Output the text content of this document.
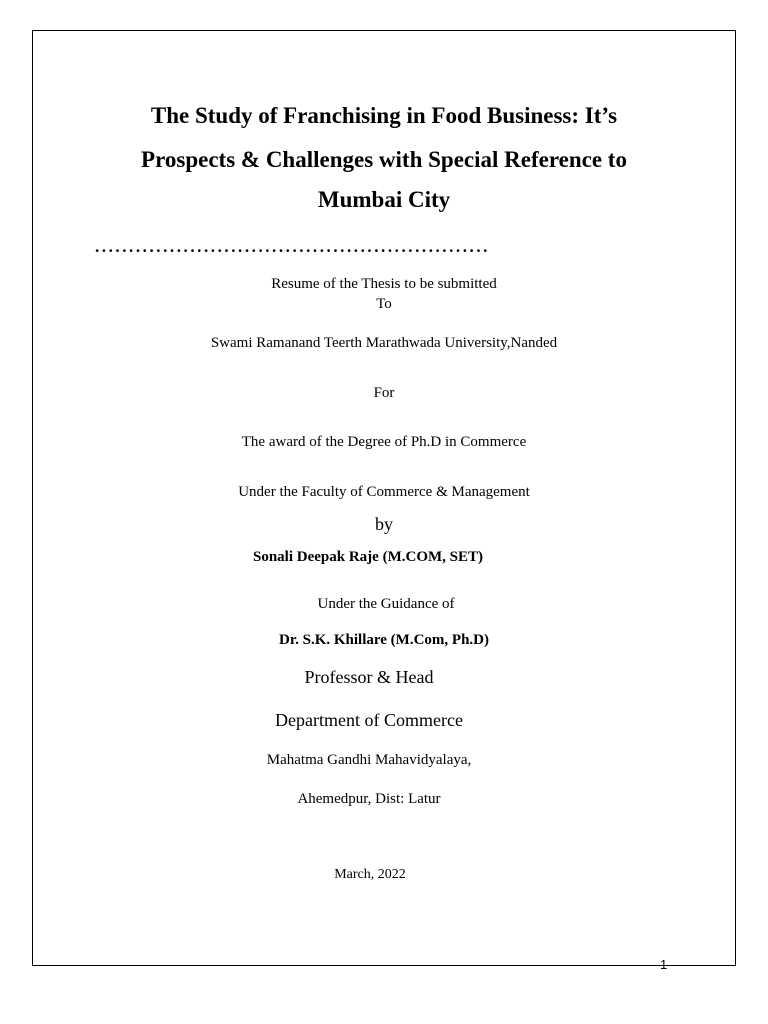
The Study of Franchising in Food Business: It’s
Prospects & Challenges with Special Reference to
Mumbai City
..........................................................
Resume of the Thesis to be submitted
To
Swami Ramanand Teerth Marathwada University,Nanded
For
The award of the Degree of Ph.D in Commerce
Under the Faculty of Commerce & Management
by
Sonali Deepak Raje (M.COM, SET)
Under the Guidance of
Dr. S.K. Khillare (M.Com, Ph.D)
Professor & Head
Department of Commerce
Mahatma Gandhi Mahavidyalaya,
Ahemedpur, Dist: Latur
March, 2022
1
